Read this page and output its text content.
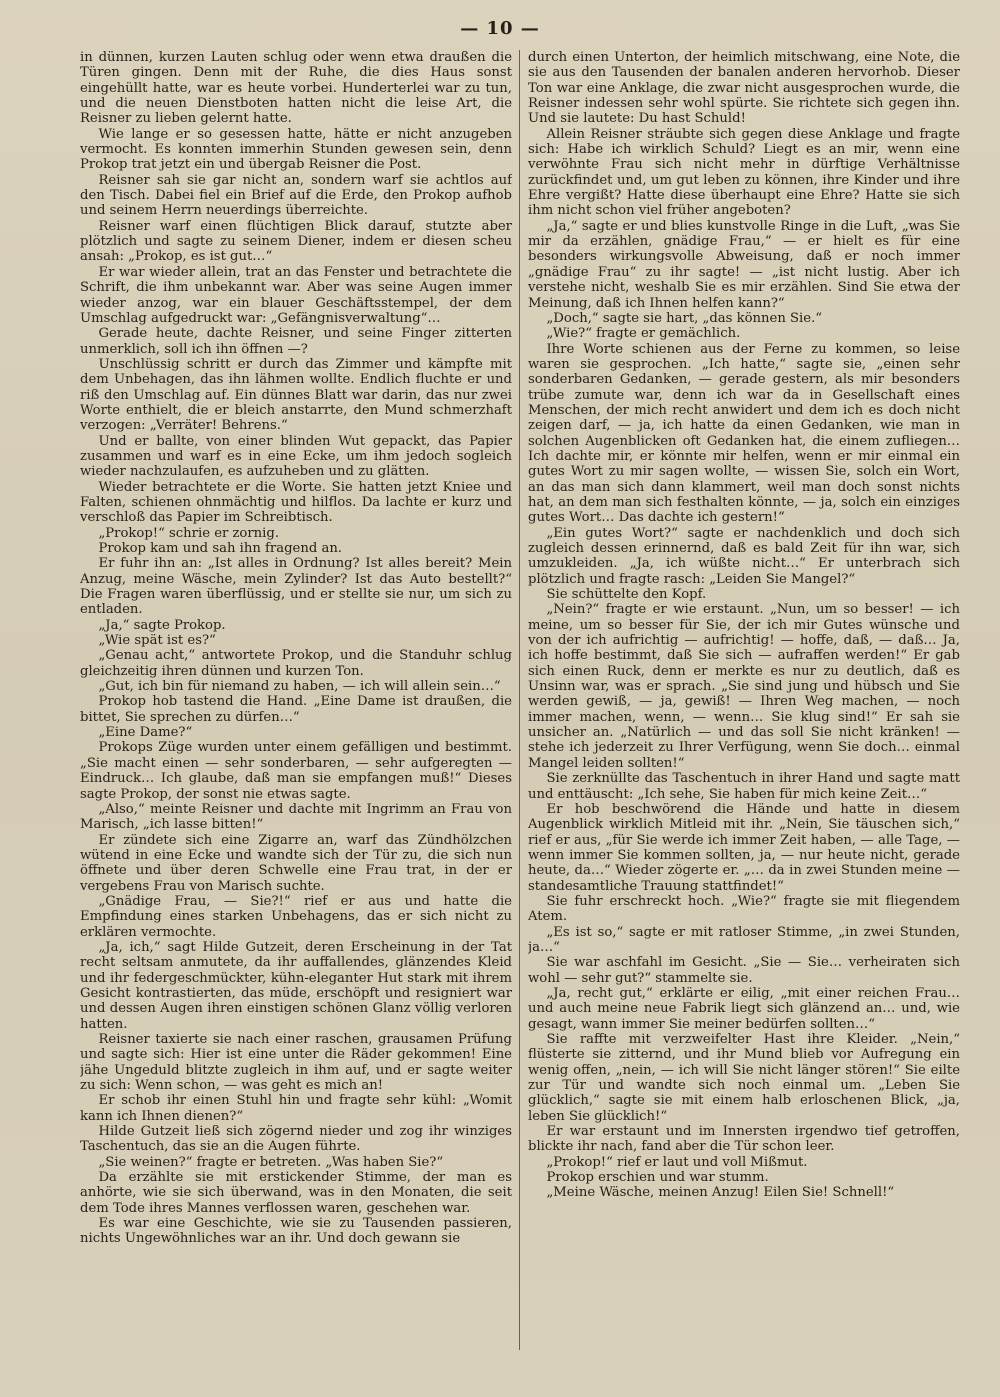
— 10 —

in dünnen, kurzen Lauten schlug oder wenn etwa draußen die Türen gingen. Denn mit der Ruhe, die dies Haus sonst eingehüllt hatte, war es heute vorbei. Hunderterlei war zu tun, und die neuen Dienstboten hatten nicht die leise Art, die Reisner zu lieben gelernt hatte.

Wie lange er so gesessen hatte, hätte er nicht anzugeben vermocht. Es konnten immerhin Stunden gewesen sein, denn Prokop trat jetzt ein und übergab Reisner die Post.

Reisner sah sie gar nicht an, sondern warf sie achtlos auf den Tisch. Dabei fiel ein Brief auf die Erde, den Prokop aufhob und seinem Herrn neuerdings überreichte.

Reisner warf einen flüchtigen Blick darauf, stutzte aber plötzlich und sagte zu seinem Diener, indem er diesen scheu ansah: „Prokop, es ist gut…“

Er war wieder allein, trat an das Fenster und betrachtete die Schrift, die ihm unbekannt war. Aber was seine Augen immer wieder anzog, war ein blauer Geschäftsstempel, der dem Umschlag aufgedruckt war: „Gefängnisverwaltung“…

Gerade heute, dachte Reisner, und seine Finger zitterten unmerklich, soll ich ihn öffnen —?

Unschlüssig schritt er durch das Zimmer und kämpfte mit dem Unbehagen, das ihn lähmen wollte. Endlich fluchte er und riß den Umschlag auf. Ein dünnes Blatt war darin, das nur zwei Worte enthielt, die er bleich anstarrte, den Mund schmerzhaft verzogen: „Verräter! Behrens.“

Und er ballte, von einer blinden Wut gepackt, das Papier zusammen und warf es in eine Ecke, um ihm jedoch sogleich wieder nachzulaufen, es aufzuheben und zu glätten.

Wieder betrachtete er die Worte. Sie hatten jetzt Kniee und Falten, schienen ohnmächtig und hilflos. Da lachte er kurz und verschloß das Papier im Schreibtisch.

„Prokop!“ schrie er zornig.

Prokop kam und sah ihn fragend an.

Er fuhr ihn an: „Ist alles in Ordnung? Ist alles bereit? Mein Anzug, meine Wäsche, mein Zylinder? Ist das Auto bestellt?“ Die Fragen waren überflüssig, und er stellte sie nur, um sich zu entladen.

„Ja,“ sagte Prokop.

„Wie spät ist es?“

„Genau acht,“ antwortete Prokop, und die Standuhr schlug gleichzeitig ihren dünnen und kurzen Ton.

„Gut, ich bin für niemand zu haben, — ich will allein sein…“

Prokop hob tastend die Hand. „Eine Dame ist draußen, die bittet, Sie sprechen zu dürfen…“

„Eine Dame?“

Prokops Züge wurden unter einem gefälligen und bestimmt. „Sie macht einen — sehr sonderbaren, — sehr aufgeregten — Eindruck… Ich glaube, daß man sie empfangen muß!“ Dieses sagte Prokop, der sonst nie etwas sagte.

„Also,“ meinte Reisner und dachte mit Ingrimm an Frau von Marisch, „ich lasse bitten!“

Er zündete sich eine Zigarre an, warf das Zündhölzchen wütend in eine Ecke und wandte sich der Tür zu, die sich nun öffnete und über deren Schwelle eine Frau trat, in der er vergebens Frau von Marisch suchte.

„Gnädige Frau, — Sie?!“ rief er aus und hatte die Empfindung eines starken Unbehagens, das er sich nicht zu erklären vermochte.

„Ja, ich,“ sagt Hilde Gutzeit, deren Erscheinung in der Tat recht seltsam anmutete, da ihr auffallendes, glänzendes Kleid und ihr federgeschmückter, kühn-eleganter Hut stark mit ihrem Gesicht kontrastierten, das müde, erschöpft und resigniert war und dessen Augen ihren einstigen schönen Glanz völlig verloren hatten.

Reisner taxierte sie nach einer raschen, grausamen Prüfung und sagte sich: Hier ist eine unter die Räder gekommen! Eine jähe Ungeduld blitzte zugleich in ihm auf, und er sagte weiter zu sich: Wenn schon, — was geht es mich an!

Er schob ihr einen Stuhl hin und fragte sehr kühl: „Womit kann ich Ihnen dienen?“

Hilde Gutzeit ließ sich zögernd nieder und zog ihr winziges Taschentuch, das sie an die Augen führte.

„Sie weinen?“ fragte er betreten. „Was haben Sie?“

Da erzählte sie mit erstickender Stimme, der man es anhörte, wie sie sich überwand, was in den Monaten, die seit dem Tode ihres Mannes verflossen waren, geschehen war.

Es war eine Geschichte, wie sie zu Tausenden passieren, nichts Ungewöhnliches war an ihr. Und doch gewann sie

durch einen Unterton, der heimlich mitschwang, eine Note, die sie aus den Tausenden der banalen anderen hervorhob. Dieser Ton war eine Anklage, die zwar nicht ausgesprochen wurde, die Reisner indessen sehr wohl spürte. Sie richtete sich gegen ihn. Und sie lautete: Du hast Schuld!

Allein Reisner sträubte sich gegen diese Anklage und fragte sich: Habe ich wirklich Schuld? Liegt es an mir, wenn eine verwöhnte Frau sich nicht mehr in dürftige Verhältnisse zurückfindet und, um gut leben zu können, ihre Kinder und ihre Ehre vergißt? Hatte diese überhaupt eine Ehre? Hatte sie sich ihm nicht schon viel früher angeboten?

„Ja,“ sagte er und blies kunstvolle Ringe in die Luft, „was Sie mir da erzählen, gnädige Frau,“ — er hielt es für eine besonders wirkungsvolle Abweisung, daß er noch immer „gnädige Frau“ zu ihr sagte! — „ist nicht lustig. Aber ich verstehe nicht, weshalb Sie es mir erzählen. Sind Sie etwa der Meinung, daß ich Ihnen helfen kann?“

„Doch,“ sagte sie hart, „das können Sie.“

„Wie?“ fragte er gemächlich.

Ihre Worte schienen aus der Ferne zu kommen, so leise waren sie gesprochen. „Ich hatte,“ sagte sie, „einen sehr sonderbaren Gedanken, — gerade gestern, als mir besonders trübe zumute war, denn ich war da in Gesellschaft eines Menschen, der mich recht anwidert und dem ich es doch nicht zeigen darf, — ja, ich hatte da einen Gedanken, wie man in solchen Augenblicken oft Gedanken hat, die einem zufliegen… Ich dachte mir, er könnte mir helfen, wenn er mir einmal ein gutes Wort zu mir sagen wollte, — wissen Sie, solch ein Wort, an das man sich dann klammert, weil man doch sonst nichts hat, an dem man sich festhalten könnte, — ja, solch ein einziges gutes Wort… Das dachte ich gestern!“

„Ein gutes Wort?“ sagte er nachdenklich und doch sich zugleich dessen erinnernd, daß es bald Zeit für ihn war, sich umzukleiden. „Ja, ich wüßte nicht…“ Er unterbrach sich plötzlich und fragte rasch: „Leiden Sie Mangel?“

Sie schüttelte den Kopf.

„Nein?“ fragte er wie erstaunt. „Nun, um so besser! — ich meine, um so besser für Sie, der ich mir Gutes wünsche und von der ich aufrichtig — aufrichtig! — hoffe, daß, — daß… Ja, ich hoffe bestimmt, daß Sie sich — aufraffen werden!“ Er gab sich einen Ruck, denn er merkte es nur zu deutlich, daß es Unsinn war, was er sprach. „Sie sind jung und hübsch und Sie werden gewiß, — ja, gewiß! — Ihren Weg machen, — noch immer machen, wenn, — wenn… Sie klug sind!“ Er sah sie unsicher an. „Natürlich — und das soll Sie nicht kränken! — stehe ich jederzeit zu Ihrer Verfügung, wenn Sie doch… einmal Mangel leiden sollten!“

Sie zerknüllte das Taschentuch in ihrer Hand und sagte matt und enttäuscht: „Ich sehe, Sie haben für mich keine Zeit…“

Er hob beschwörend die Hände und hatte in diesem Augenblick wirklich Mitleid mit ihr. „Nein, Sie täuschen sich,“ rief er aus, „für Sie werde ich immer Zeit haben, — alle Tage, — wenn immer Sie kommen sollten, ja, — nur heute nicht, gerade heute, da…“ Wieder zögerte er. „… da in zwei Stunden meine — standesamtliche Trauung stattfindet!“

Sie fuhr erschreckt hoch. „Wie?“ fragte sie mit fliegendem Atem.

„Es ist so,“ sagte er mit ratloser Stimme, „in zwei Stunden, ja…“

Sie war aschfahl im Gesicht. „Sie — Sie… verheiraten sich wohl — sehr gut?“ stammelte sie.

„Ja, recht gut,“ erklärte er eilig, „mit einer reichen Frau… und auch meine neue Fabrik liegt sich glänzend an… und, wie gesagt, wann immer Sie meiner bedürfen sollten…“

Sie raffte mit verzweifelter Hast ihre Kleider. „Nein,“ flüsterte sie zitternd, und ihr Mund blieb vor Aufregung ein wenig offen, „nein, — ich will Sie nicht länger stören!“ Sie eilte zur Tür und wandte sich noch einmal um. „Leben Sie glücklich,“ sagte sie mit einem halb erloschenen Blick, „ja, leben Sie glücklich!“

Er war erstaunt und im Innersten irgendwo tief getroffen, blickte ihr nach, fand aber die Tür schon leer.

„Prokop!“ rief er laut und voll Mißmut.

Prokop erschien und war stumm.

„Meine Wäsche, meinen Anzug! Eilen Sie! Schnell!“
